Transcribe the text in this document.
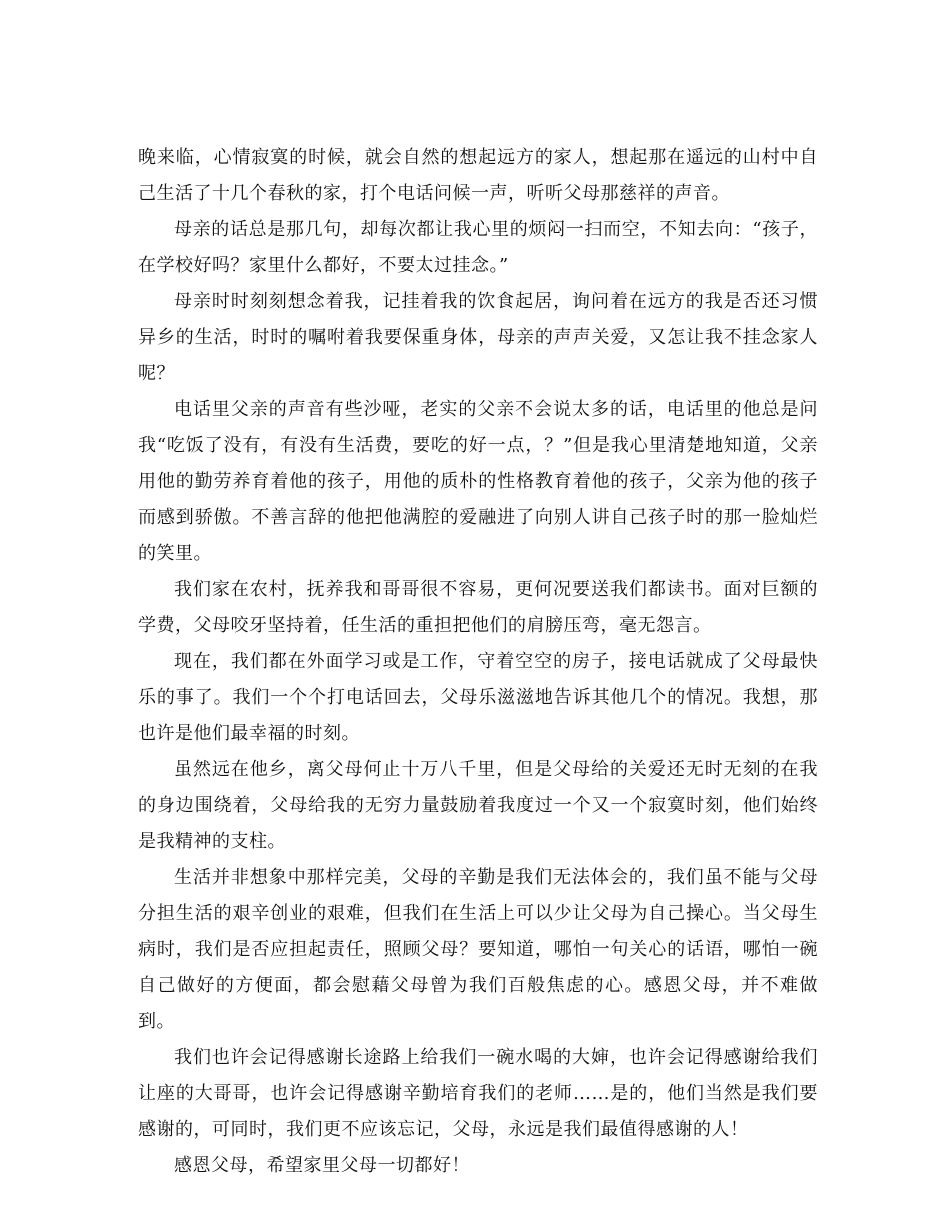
晚来临，心情寂寞的时候，就会自然的想起远方的家人，想起那在遥远的山村中自己生活了十几个春秋的家，打个电话问候一声，听听父母那慈祥的声音。

母亲的话总是那几句，却每次都让我心里的烦闷一扫而空，不知去向：“孩子，在学校好吗？家里什么都好，不要太过挂念。”

母亲时时刻刻想念着我，记挂着我的饮食起居，询问着在远方的我是否还习惯异乡的生活，时时的嘱咐着我要保重身体，母亲的声声关爱，又怎让我不挂念家人呢？

电话里父亲的声音有些沙哑，老实的父亲不会说太多的话，电话里的他总是问我“吃饭了没有，有没有生活费，要吃的好一点，？”但是我心里清楚地知道，父亲用他的勤劳养育着他的孩子，用他的质朴的性格教育着他的孩子，父亲为他的孩子而感到骄傲。不善言辞的他把他满腔的爱融进了向别人讲自己孩子时的那一脸灿烂的笑里。

我们家在农村，抚养我和哥哥很不容易，更何况要送我们都读书。面对巨额的学费，父母咬牙坚持着，任生活的重担把他们的肩膀压弯，毫无怨言。

现在，我们都在外面学习或是工作，守着空空的房子，接电话就成了父母最快乐的事了。我们一个个打电话回去，父母乐滋滋地告诉其他几个的情况。我想，那也许是他们最幸福的时刻。

虽然远在他乡，离父母何止十万八千里，但是父母给的关爱还无时无刻的在我的身边围绕着，父母给我的无穷力量鼓励着我度过一个又一个寂寞时刻，他们始终是我精神的支柱。

生活并非想象中那样完美，父母的辛勤是我们无法体会的，我们虽不能与父母分担生活的艰辛创业的艰难，但我们在生活上可以少让父母为自己操心。当父母生病时，我们是否应担起责任，照顾父母？要知道，哪怕一句关心的话语，哪怕一碗自己做好的方便面，都会慰藉父母曾为我们百般焦虑的心。感恩父母，并不难做到。

我们也许会记得感谢长途路上给我们一碗水喝的大婶，也许会记得感谢给我们让座的大哥哥，也许会记得感谢辛勤培育我们的老师……是的，他们当然是我们要感谢的，可同时，我们更不应该忘记，父母，永远是我们最值得感谢的人！

感恩父母，希望家里父母一切都好！
